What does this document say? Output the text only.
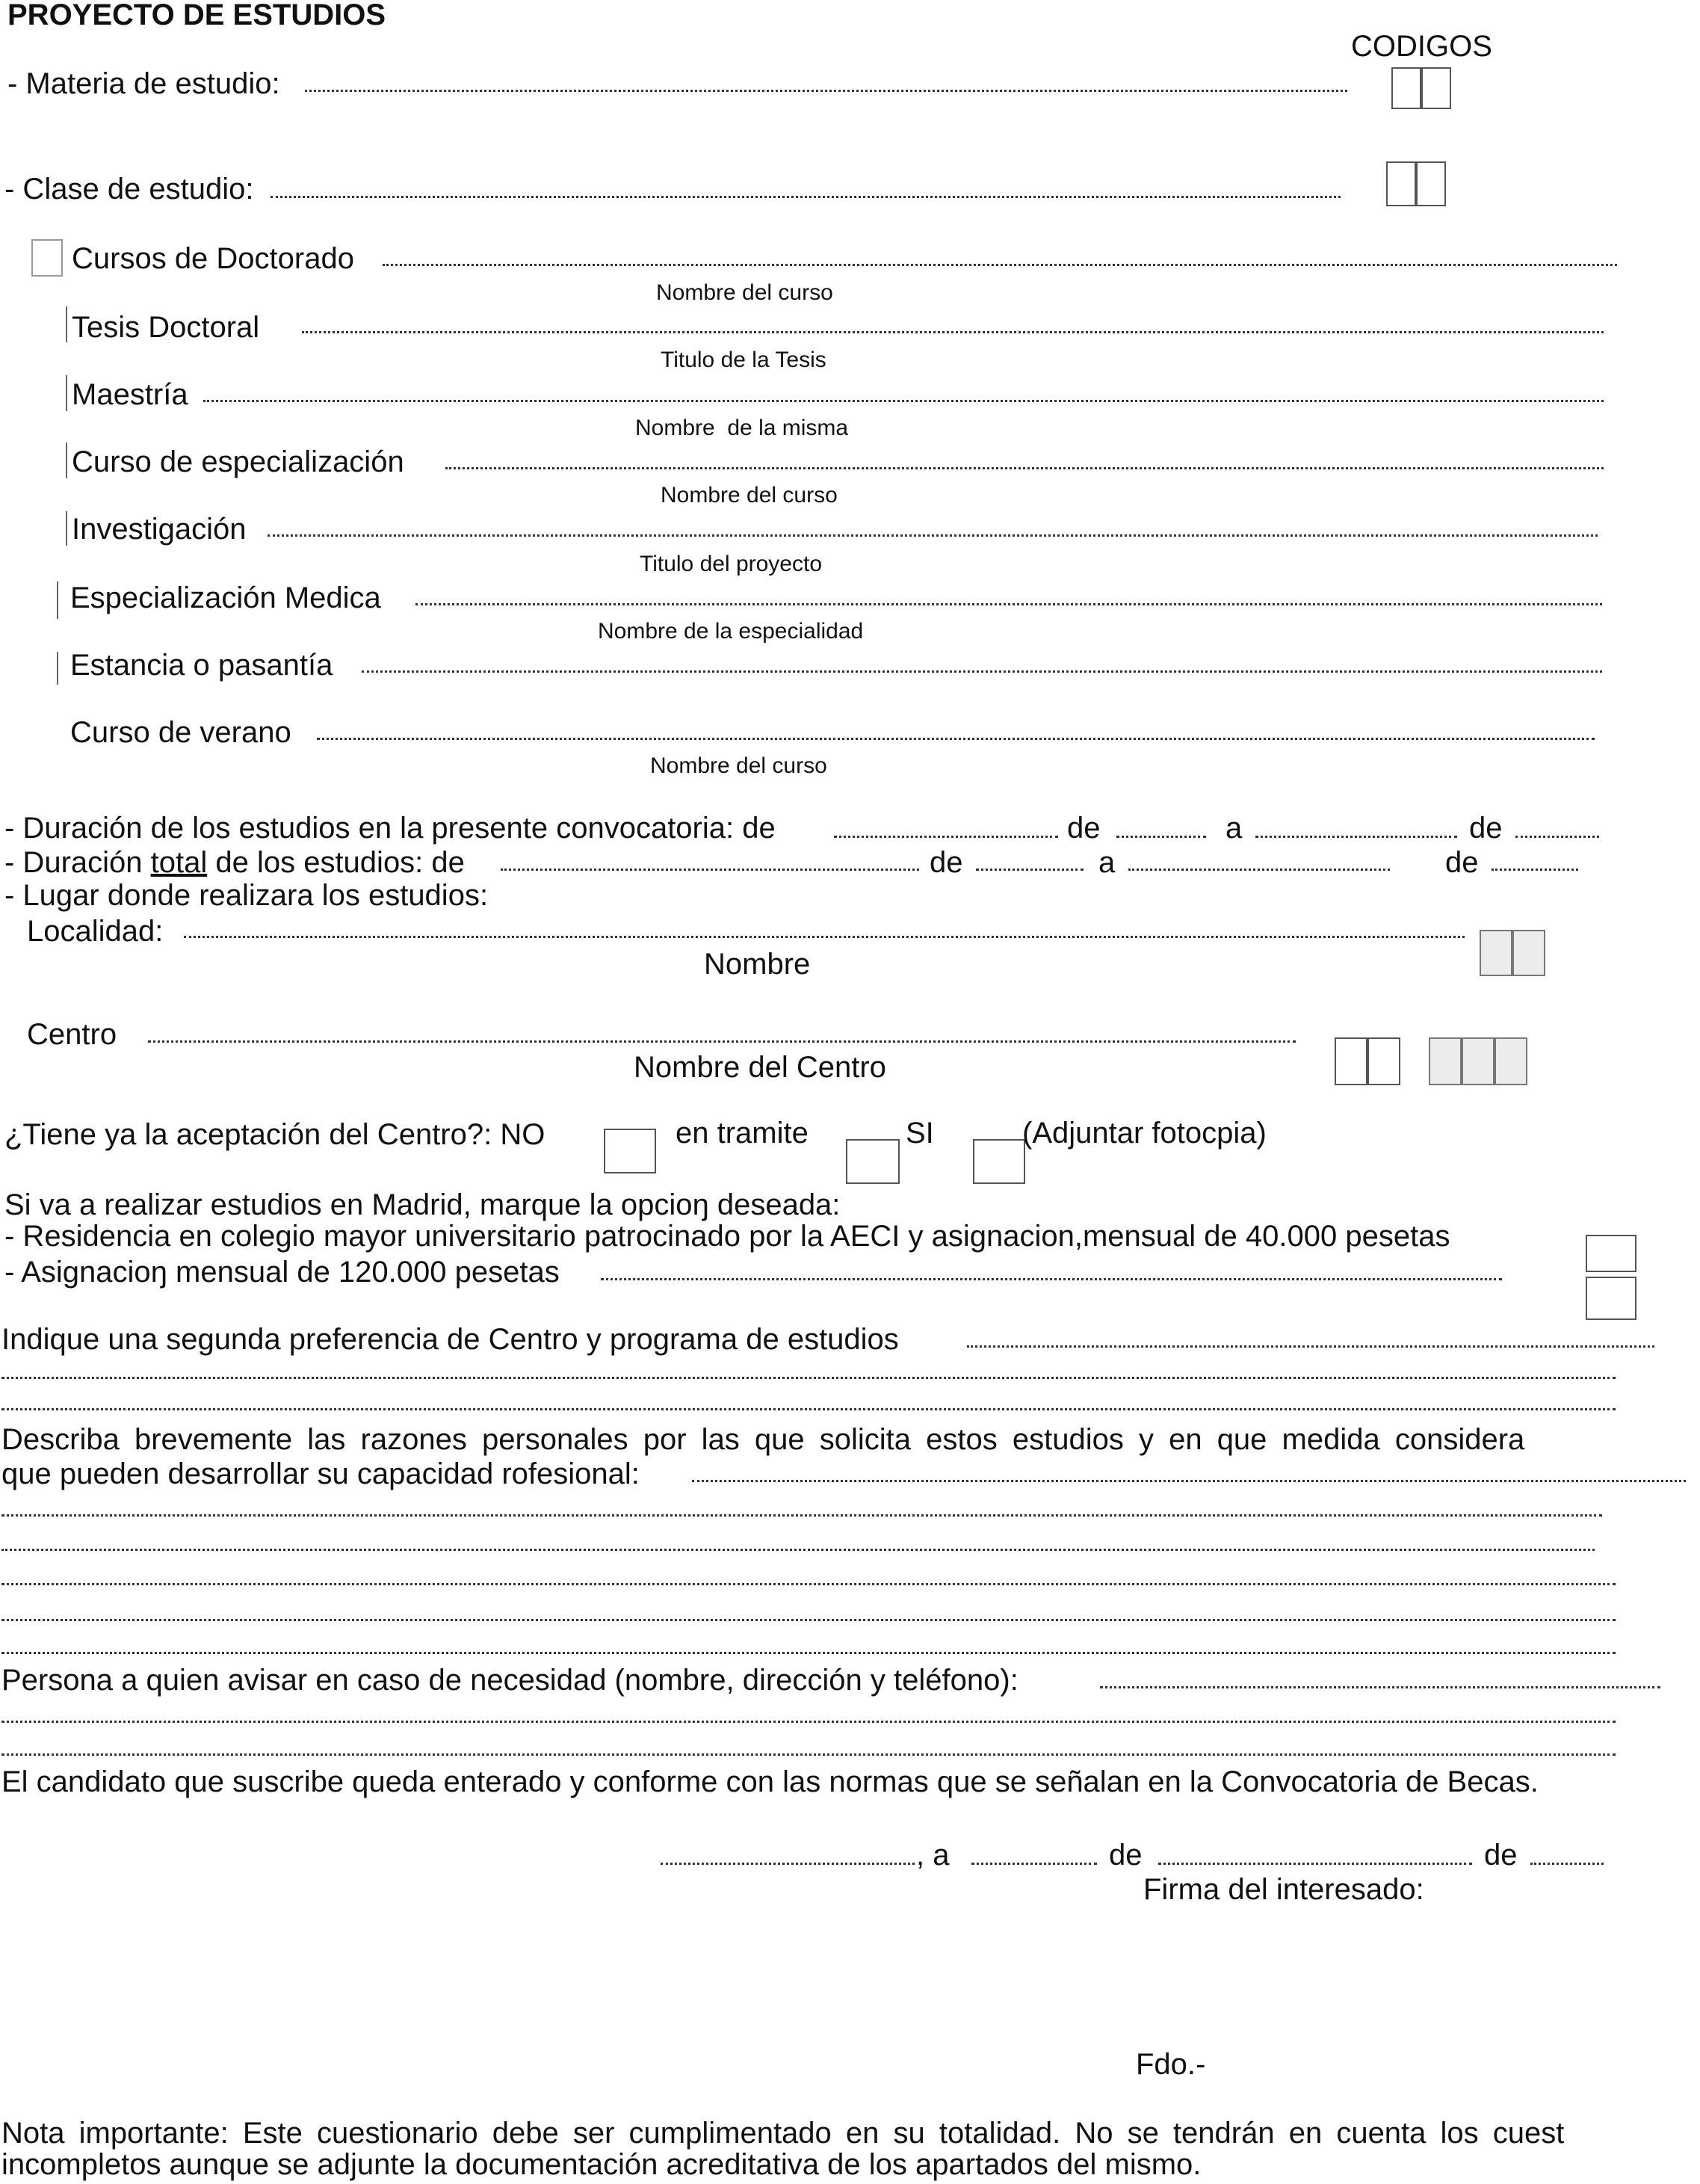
PROYECTO DE ESTUDIOS
CODIGOS
- Materia de estudio:
- Clase de estudio:
Cursos de Doctorado
Nombre del curso
Tesis Doctoral
Titulo de la Tesis
Maestría
Nombre  de la misma
Curso de especialización
Nombre del curso
Investigación
Titulo del proyecto
Especialización Medica
Nombre de la especialidad
Estancia o pasantía
Curso de verano
Nombre del curso
- Duración de los estudios en la presente convocatoria: de	de	a	de
- Duración total de los estudios: de	de	a	de
- Lugar donde realizara los estudios:
Localidad:
Nombre
Centro
Nombre del Centro
¿Tiene ya la aceptación del Centro?: NO	en tramite	SI	(Adjuntar fotocpia)
Si va a realizar estudios en Madrid, marque la opcioŋ deseada:
- Residencia en colegio mayor universitario patrocinado por la AECI y asignacion,mensual de 40.000 pesetas
- Asignacioŋ mensual de 120.000 pesetas
Indique una segunda preferencia de Centro y programa de estudios
Describa brevemente las razones personales por las que solicita estos estudios y en que medida considera
que pueden desarrollar su capacidad rofesional:
Persona a quien avisar en caso de necesidad (nombre, dirección y teléfono):
El candidato que suscribe queda enterado y conforme con las normas que se señalan en la Convocatoria de Becas.
, a	de	de
Firma del interesado:
Fdo.-
Nota importante: Este cuestionario debe ser cumplimentado en su totalidad. No se tendrán en cuenta los cuest
incompletos aunque se adjunte la documentación acreditativa de los apartados del mismo.
